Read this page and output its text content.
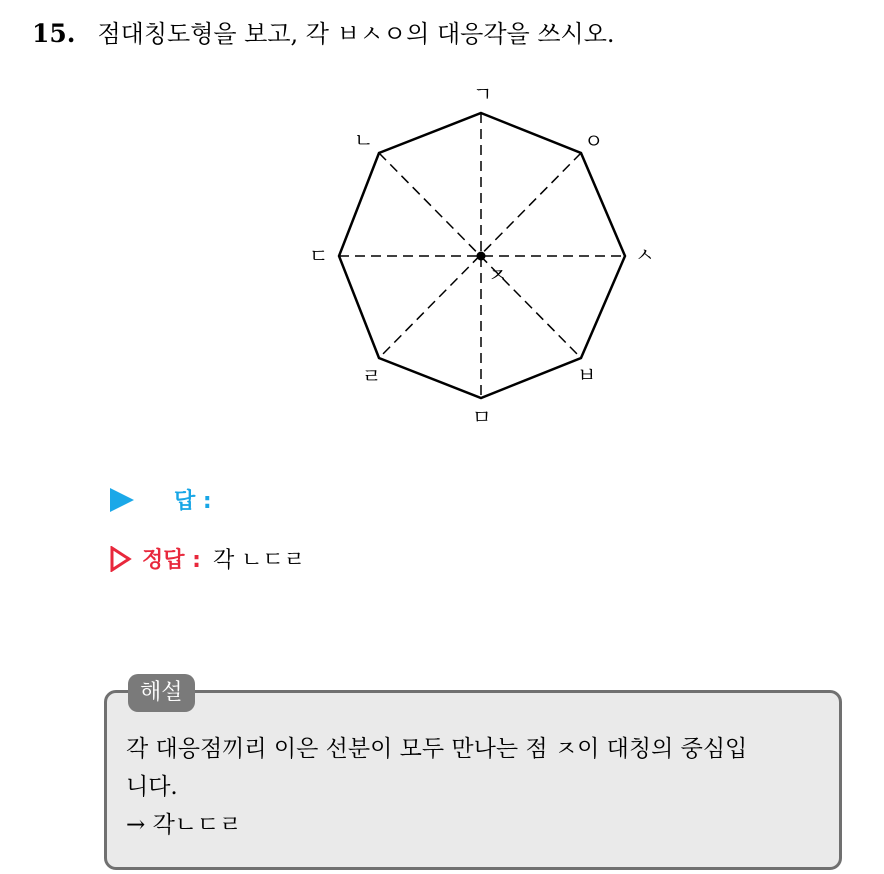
15. 점대칭도형을 보고, 각 ㅂㅅㅇ의 대응각을 쓰시오.
ㄱ
ㄴ
ㄷ
ㄹ
ㅁ
ㅂ
ㅅ
ㅇ
ㅈ
답 :
정답 : 각 ㄴㄷㄹ
해설
각 대응점끼리 이은 선분이 모두 만나는 점 ㅈ이 대칭의 중심입
니다.
→ 각ㄴㄷㄹ
